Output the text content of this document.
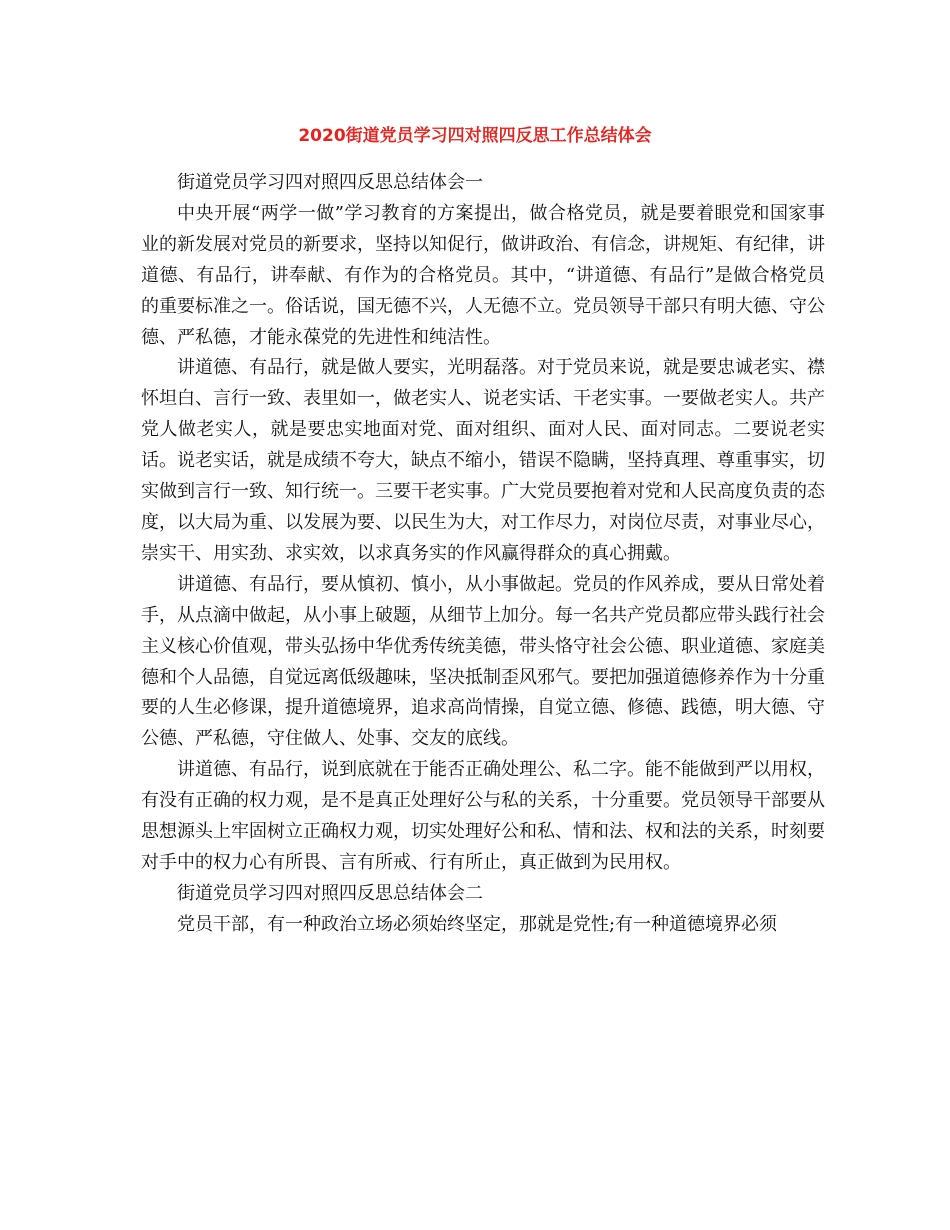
2020街道党员学习四对照四反思工作总结体会

街道党员学习四对照四反思总结体会一

中央开展“两学一做”学习教育的方案提出，做合格党员，就是要着眼党和国家事业的新发展对党员的新要求，坚持以知促行，做讲政治、有信念，讲规矩、有纪律，讲道德、有品行，讲奉献、有作为的合格党员。其中，“讲道德、有品行”是做合格党员的重要标准之一。俗话说，国无德不兴，人无德不立。党员领导干部只有明大德、守公德、严私德，才能永葆党的先进性和纯洁性。

讲道德、有品行，就是做人要实，光明磊落。对于党员来说，就是要忠诚老实、襟怀坦白、言行一致、表里如一，做老实人、说老实话、干老实事。一要做老实人。共产党人做老实人，就是要忠实地面对党、面对组织、面对人民、面对同志。二要说老实话。说老实话，就是成绩不夸大，缺点不缩小，错误不隐瞒，坚持真理、尊重事实，切实做到言行一致、知行统一。三要干老实事。广大党员要抱着对党和人民高度负责的态度，以大局为重、以发展为要、以民生为大，对工作尽力，对岗位尽责，对事业尽心，崇实干、用实劲、求实效，以求真务实的作风赢得群众的真心拥戴。

讲道德、有品行，要从慎初、慎小，从小事做起。党员的作风养成，要从日常处着手，从点滴中做起，从小事上破题，从细节上加分。每一名共产党员都应带头践行社会主义核心价值观，带头弘扬中华优秀传统美德，带头恪守社会公德、职业道德、家庭美德和个人品德，自觉远离低级趣味，坚决抵制歪风邪气。要把加强道德修养作为十分重要的人生必修课，提升道德境界，追求高尚情操，自觉立德、修德、践德，明大德、守公德、严私德，守住做人、处事、交友的底线。

讲道德、有品行，说到底就在于能否正确处理公、私二字。能不能做到严以用权，有没有正确的权力观，是不是真正处理好公与私的关系，十分重要。党员领导干部要从思想源头上牢固树立正确权力观，切实处理好公和私、情和法、权和法的关系，时刻要对手中的权力心有所畏、言有所戒、行有所止，真正做到为民用权。

街道党员学习四对照四反思总结体会二

党员干部，有一种政治立场必须始终坚定，那就是党性;有一种道德境界必须
